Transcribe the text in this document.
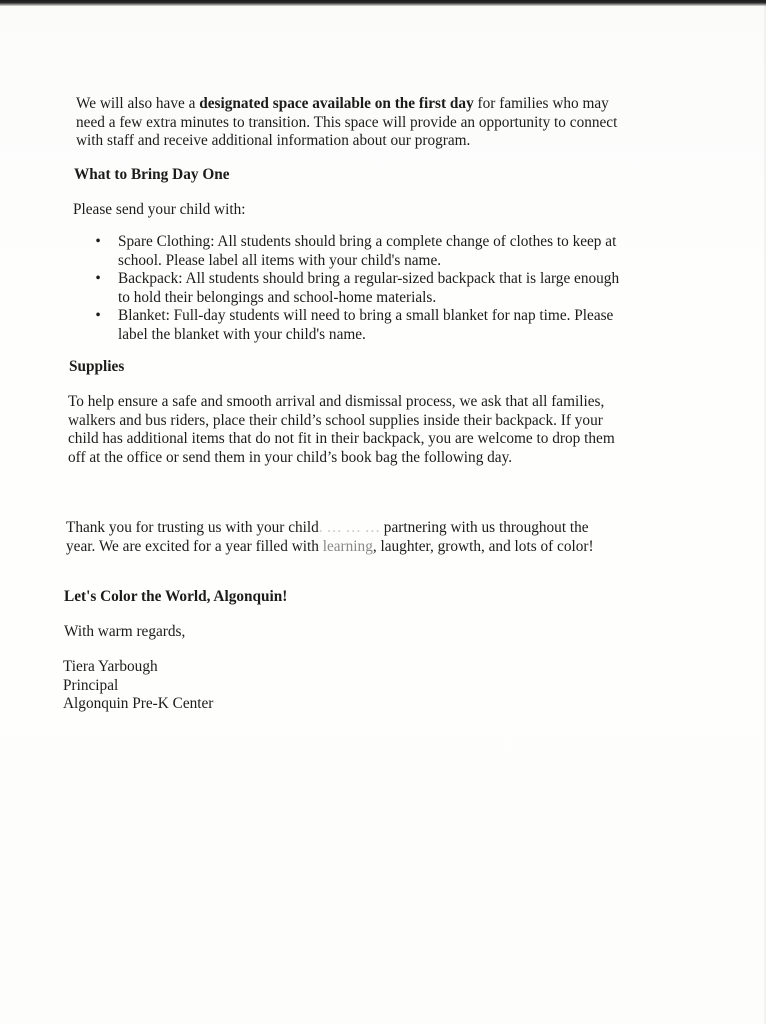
We will also have a designated space available on the first day for families who may
need a few extra minutes to transition. This space will provide an opportunity to connect
with staff and receive additional information about our program.
What to Bring Day One
Please send your child with:
• Spare Clothing: All students should bring a complete change of clothes to keep at
school. Please label all items with your child's name.
• Backpack: All students should bring a regular-sized backpack that is large enough
to hold their belongings and school-home materials.
• Blanket: Full-day students will need to bring a small blanket for nap time. Please
label the blanket with your child's name.
Supplies
To help ensure a safe and smooth arrival and dismissal process, we ask that all families,
walkers and bus riders, place their child’s school supplies inside their backpack. If your
child has additional items that do not fit in their backpack, you are welcome to drop them
off at the office or send them in your child’s book bag the following day.
Thank you for trusting us with your child. … … … partnering with us throughout the
year. We are excited for a year filled with learning, laughter, growth, and lots of color!
Let's Color the World, Algonquin!
With warm regards,
Tiera Yarbough
Principal
Algonquin Pre-K Center
